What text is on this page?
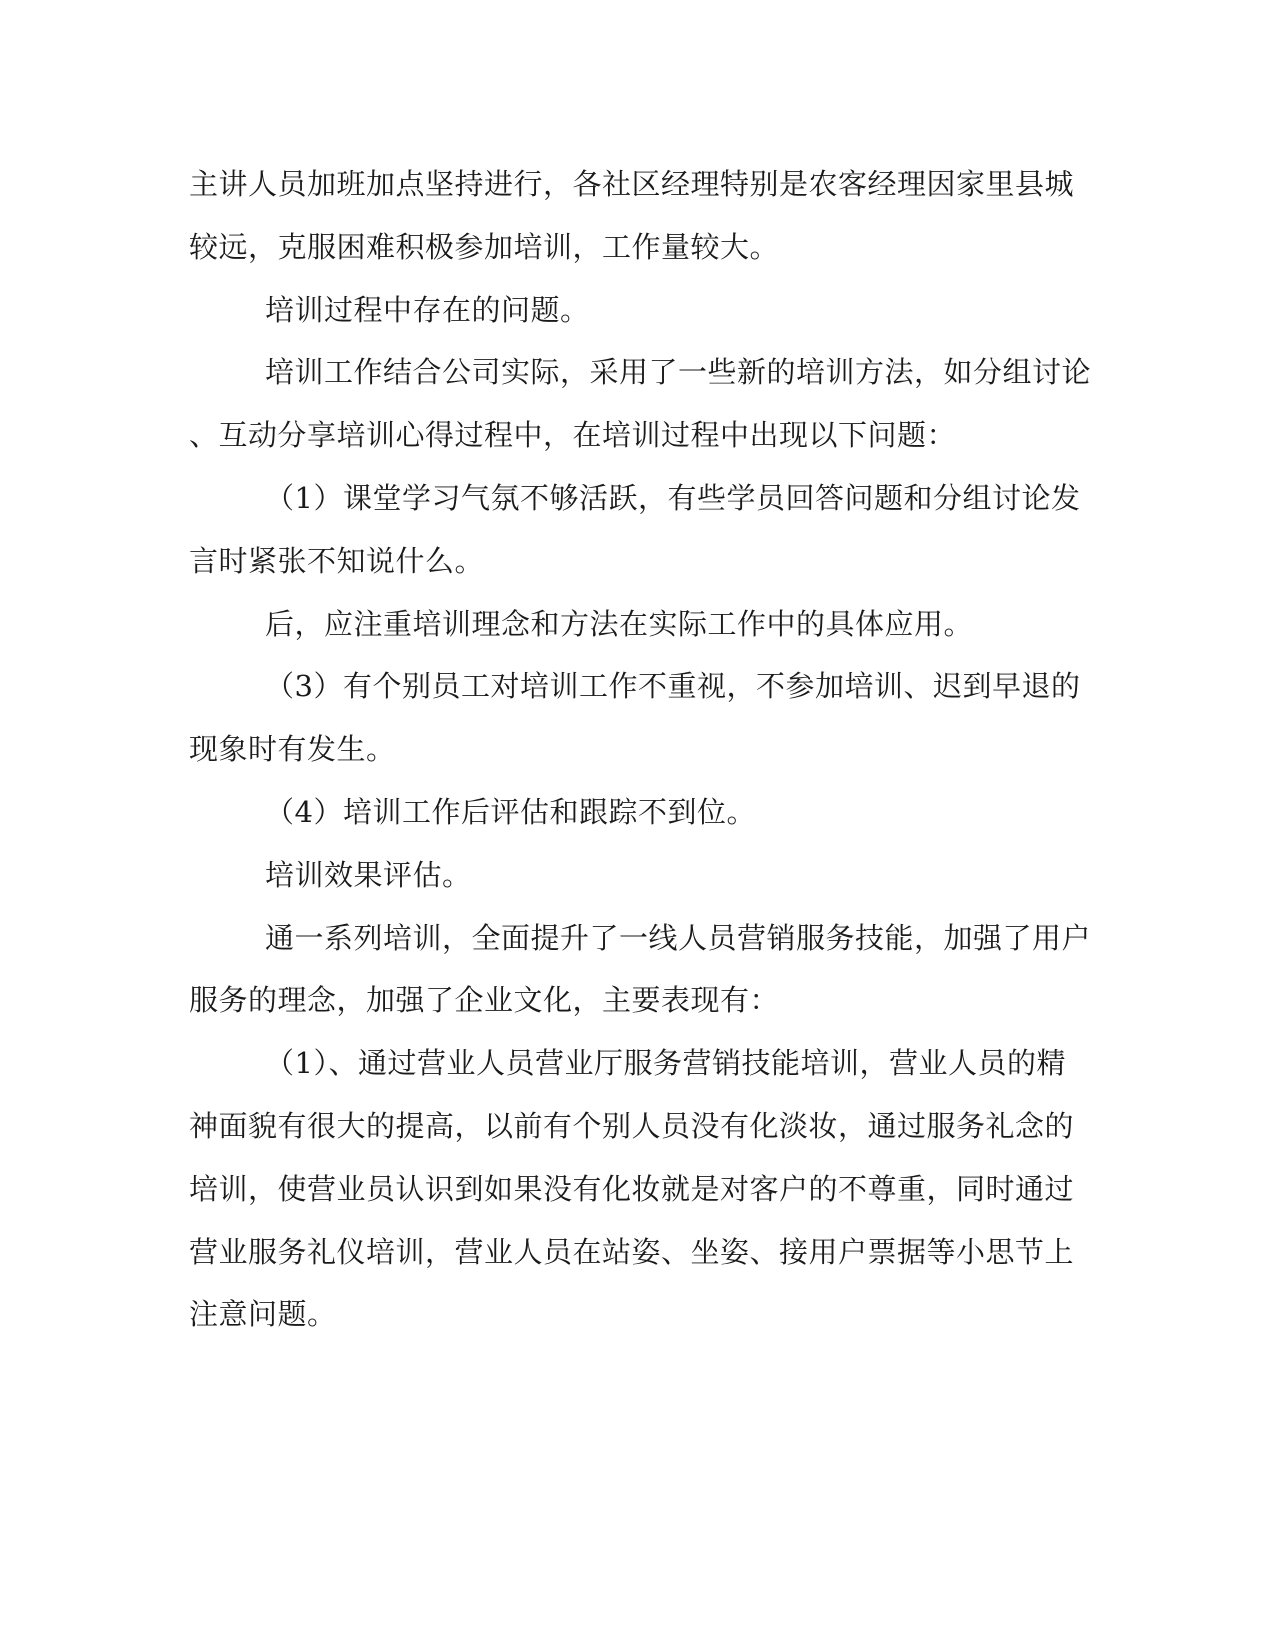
主讲人员加班加点坚持进行，各社区经理特别是农客经理因家里县城
较远，克服困难积极参加培训，工作量较大。
培训过程中存在的问题。
培训工作结合公司实际，采用了一些新的培训方法，如分组讨论
、互动分享培训心得过程中，在培训过程中出现以下问题：
（1）课堂学习气氛不够活跃，有些学员回答问题和分组讨论发
言时紧张不知说什么。
后，应注重培训理念和方法在实际工作中的具体应用。
（3）有个别员工对培训工作不重视，不参加培训、迟到早退的
现象时有发生。
（4）培训工作后评估和跟踪不到位。
培训效果评估。
通一系列培训，全面提升了一线人员营销服务技能，加强了用户
服务的理念，加强了企业文化，主要表现有：
（1）、通过营业人员营业厅服务营销技能培训，营业人员的精
神面貌有很大的提高，以前有个别人员没有化淡妆，通过服务礼念的
培训，使营业员认识到如果没有化妆就是对客户的不尊重，同时通过
营业服务礼仪培训，营业人员在站姿、坐姿、接用户票据等小思节上
注意问题。
